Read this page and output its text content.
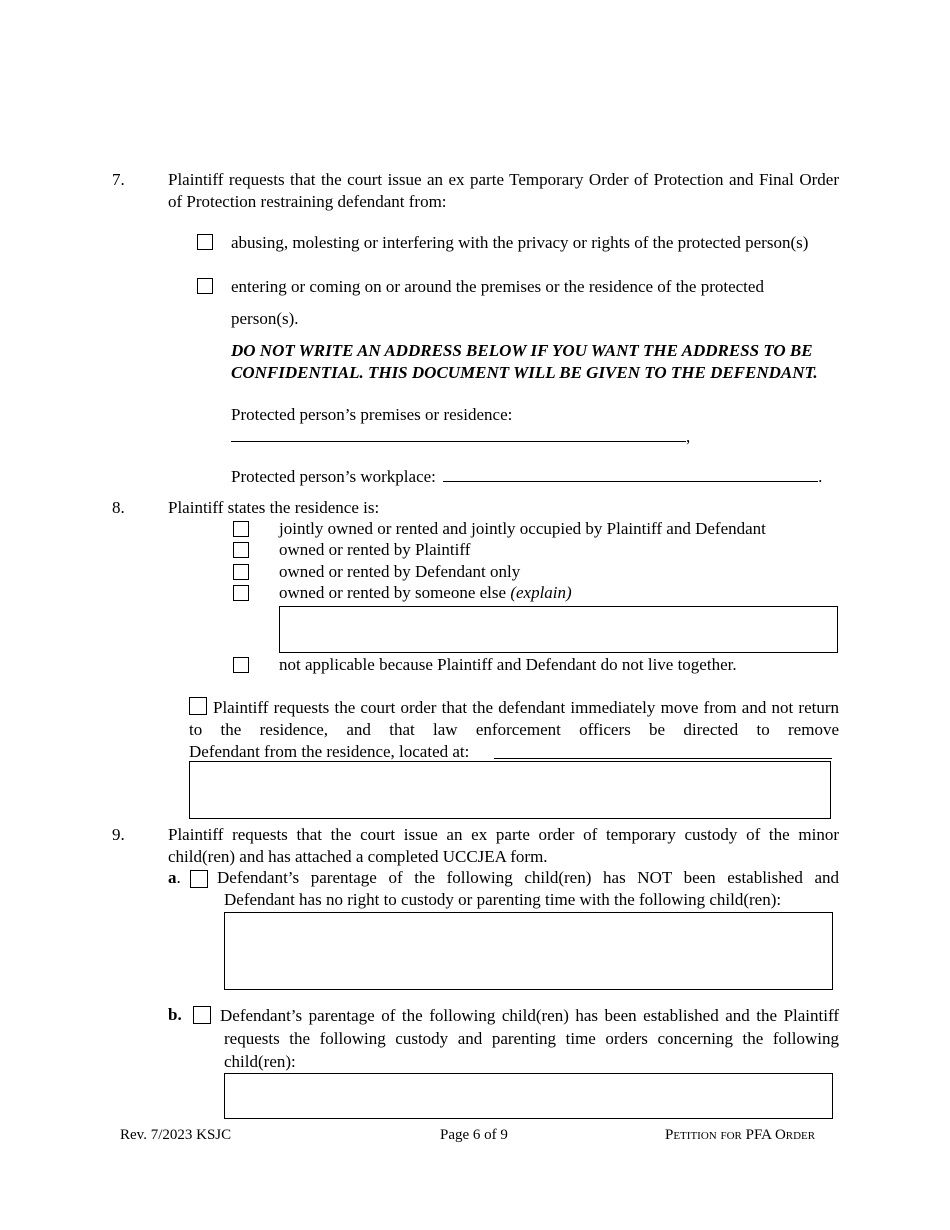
7.	Plaintiff requests that the court issue an ex parte Temporary Order of Protection and Final Order of Protection restraining defendant from:
abusing, molesting or interfering with the privacy or rights of the protected person(s)
entering or coming on or around the premises or the residence of the protected
person(s).
DO NOT WRITE AN ADDRESS BELOW IF YOU WANT THE ADDRESS TO BE CONFIDENTIAL. THIS DOCUMENT WILL BE GIVEN TO THE DEFENDANT.
Protected person’s premises or residence:
,
Protected person’s workplace:	.
8.	Plaintiff states the residence is:
jointly owned or rented and jointly occupied by Plaintiff and Defendant
owned or rented by Plaintiff
owned or rented by Defendant only
owned or rented by someone else (explain)
not applicable because Plaintiff and Defendant do not live together.
Plaintiff requests the court order that the defendant immediately move from and not return to the residence, and that law enforcement officers be directed to remove
Defendant from the residence, located at:
9.	Plaintiff requests that the court issue an ex parte order of temporary custody of the minor child(ren) and has attached a completed UCCJEA form.
a. Defendant’s parentage of the following child(ren) has NOT been established and Defendant has no right to custody or parenting time with the following child(ren):
b. Defendant’s parentage of the following child(ren) has been established and the Plaintiff requests the following custody and parenting time orders concerning the following child(ren):
Rev. 7/2023 KSJC	Page 6 of 9	Petition for PFA Order
